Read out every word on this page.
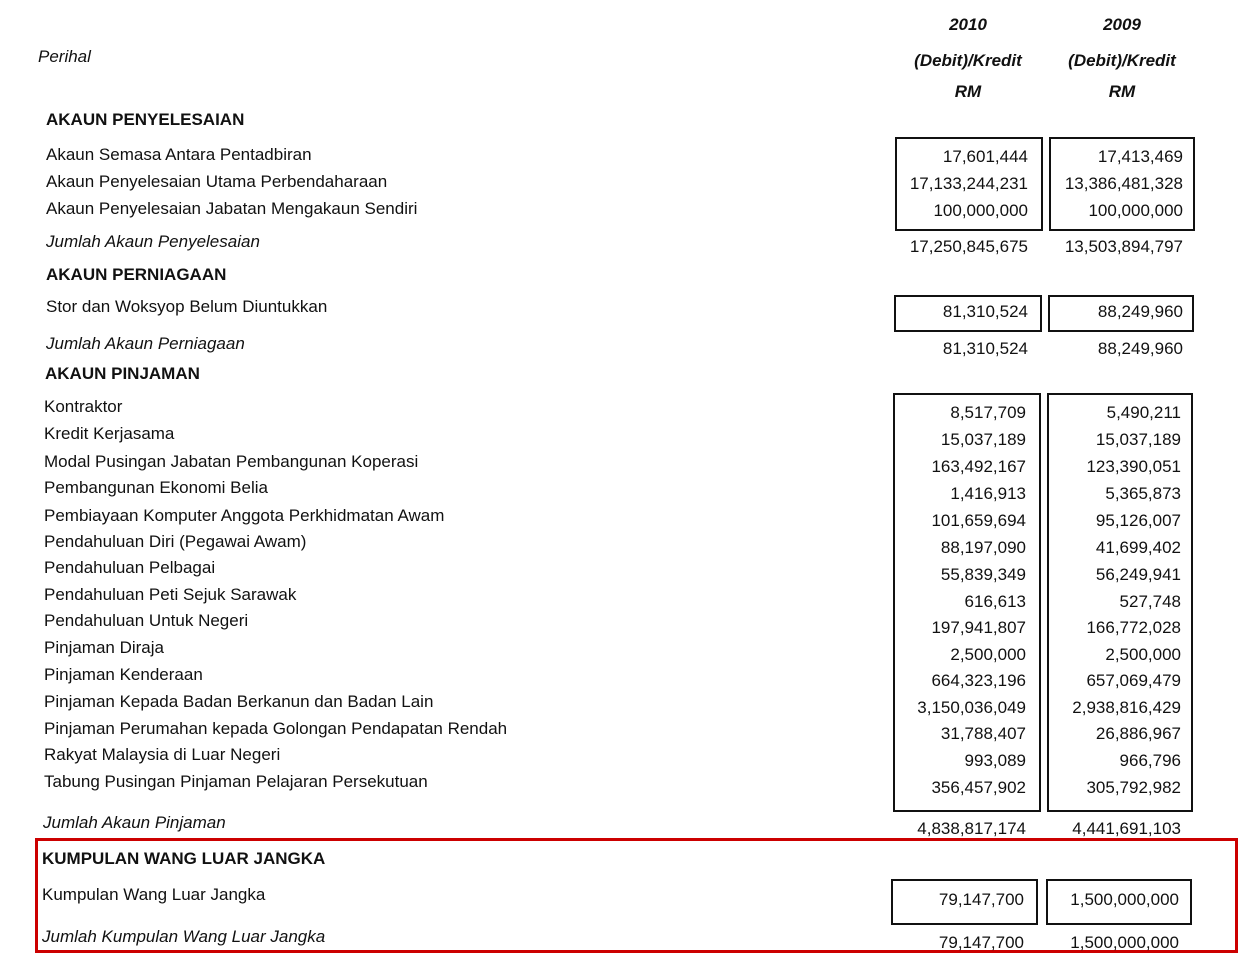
Perihal
2010	2009
(Debit)/Kredit	(Debit)/Kredit
RM	RM
AKAUN PENYELESAIAN
Akaun Semasa Antara Pentadbiran	17,601,444	17,413,469
Akaun Penyelesaian Utama Perbendaharaan	17,133,244,231	13,386,481,328
Akaun Penyelesaian Jabatan Mengakaun Sendiri	100,000,000	100,000,000
Jumlah Akaun Penyelesaian	17,250,845,675	13,503,894,797
AKAUN PERNIAGAAN
Stor dan Woksyop Belum Diuntukkan	81,310,524	88,249,960
Jumlah Akaun Perniagaan	81,310,524	88,249,960
AKAUN PINJAMAN
Kontraktor	8,517,709	5,490,211
Kredit Kerjasama	15,037,189	15,037,189
Modal Pusingan Jabatan Pembangunan Koperasi	163,492,167	123,390,051
Pembangunan Ekonomi Belia	1,416,913	5,365,873
Pembiayaan Komputer Anggota Perkhidmatan Awam	101,659,694	95,126,007
Pendahuluan Diri (Pegawai Awam)	88,197,090	41,699,402
Pendahuluan Pelbagai	55,839,349	56,249,941
Pendahuluan Peti Sejuk Sarawak	616,613	527,748
Pendahuluan Untuk Negeri	197,941,807	166,772,028
Pinjaman Diraja	2,500,000	2,500,000
Pinjaman Kenderaan	664,323,196	657,069,479
Pinjaman Kepada Badan Berkanun dan Badan Lain	3,150,036,049	2,938,816,429
Pinjaman Perumahan kepada Golongan Pendapatan Rendah	31,788,407	26,886,967
Rakyat Malaysia di Luar Negeri	993,089	966,796
Tabung Pusingan Pinjaman Pelajaran Persekutuan	356,457,902	305,792,982
Jumlah Akaun Pinjaman	4,838,817,174	4,441,691,103
KUMPULAN WANG LUAR JANGKA
Kumpulan Wang Luar Jangka	79,147,700	1,500,000,000
Jumlah Kumpulan Wang Luar Jangka	79,147,700	1,500,000,000
